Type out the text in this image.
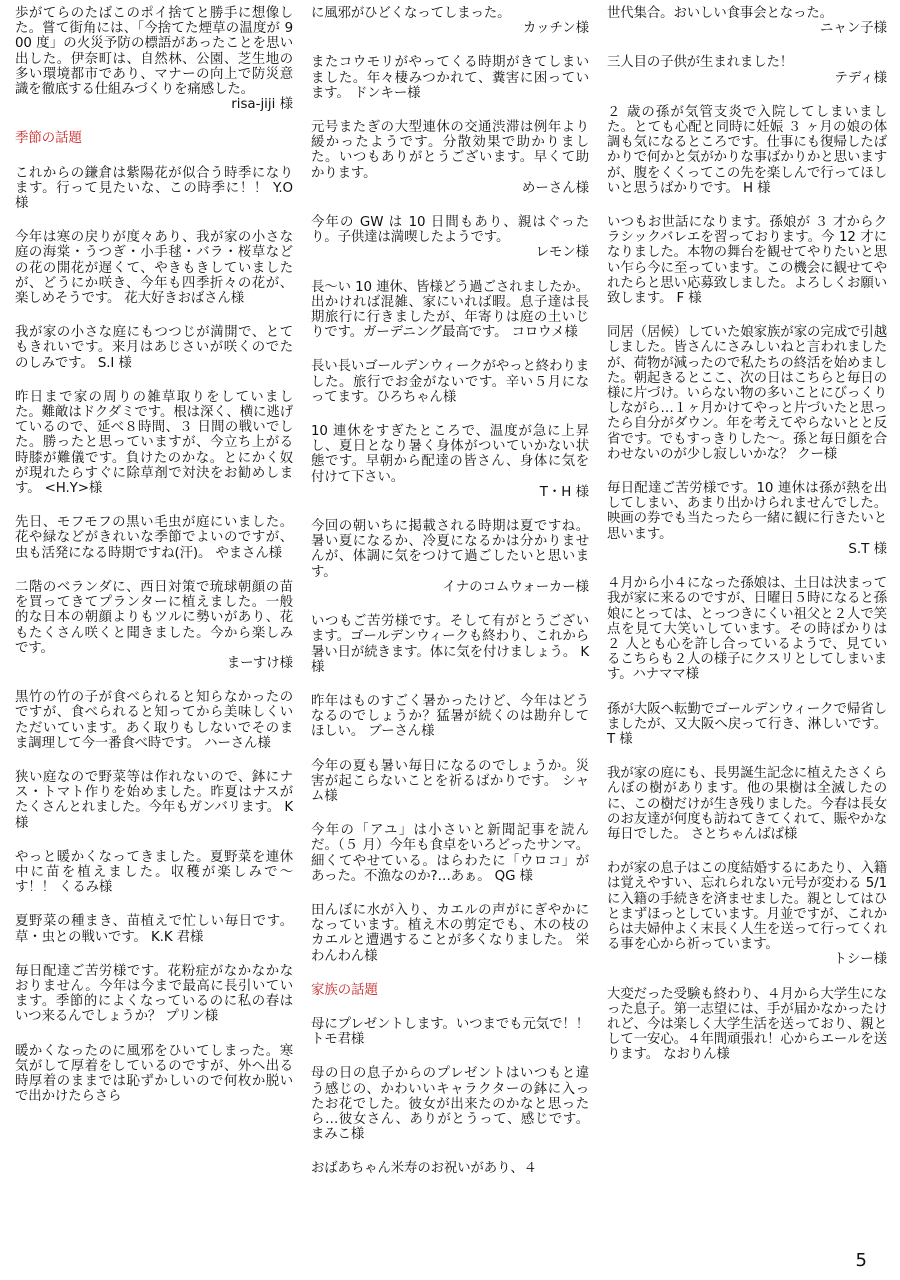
歩がてらのたばこのポイ捨てと勝手に想像した。嘗て街角には、「今捨てた煙草の温度が 900 度」の火災予防の標語があったことを思い出した。伊奈町は、自然林、公園、芝生地の多い環境都市であり、マナーの向上で防災意識を徹底する仕組みづくりを痛感した。

risa-jiji 様

季節の話題

これからの鎌倉は紫陽花が似合う時季になります。行って見たいな、この時季に！！ Y.O 様

今年は寒の戻りが度々あり、我が家の小さな庭の海棠・うつぎ・小手毬・バラ・桜草などの花の開花が遅くて、やきもきしていましたが、どうにか咲き、今年も四季折々の花が、楽しめそうです。 花大好きおばさん様

我が家の小さな庭にもつつじが満開で、とてもきれいです。来月はあじさいが咲くのでたのしみです。 S.I 様

昨日まで家の周りの雑草取りをしていました。難敵はドクダミです。根は深く、横に逃げているので、延べ８時間、３ 日間の戦いでした。勝ったと思っていますが、今立ち上がる時膝が難儀です。負けたのかな。とにかく奴が現れたらすぐに除草剤で対決をお勧めします。 <H.Y>様

先日、モフモフの黒い毛虫が庭にいました。花や緑などがきれいな季節でよいのですが、虫も活発になる時期ですね(汗)。 やまさん様

二階のベランダに、西日対策で琉球朝顔の苗を買ってきてプランターに植えました。一般的な日本の朝顔よりもツルに勢いがあり、花もたくさん咲くと聞きました。今から楽しみです。

まーすけ様

黒竹の竹の子が食べられると知らなかったのですが、食べられると知ってから美味しくいただいています。あく取りもしないでそのまま調理して今一番食べ時です。 ハーさん様

狭い庭なので野菜等は作れないので、鉢にナス・トマト作りを始めました。昨夏はナスがたくさんとれました。今年もガンバリます。 K 様

やっと暖かくなってきました。夏野菜を連休中に苗を植えました。収穫が楽しみで～す！！ くるみ様

夏野菜の種まき、苗植えで忙しい毎日です。草・虫との戦いです。 K.K 君様

毎日配達ご苦労様です。花粉症がなかなかなおりません。今年は今まで最高に長引いています。季節的によくなっているのに私の春はいつ来るんでしょうか？ プリン様

暖かくなったのに風邪をひいてしまった。寒気がして厚着をしているのですが、外へ出る時厚着のままでは恥ずかしいので何枚か脱いで出かけたらさら

に風邪がひどくなってしまった。

カッチン様

またコウモリがやってくる時期がきてしまいました。年々棲みつかれて、糞害に困っています。 ドンキー様

元号またぎの大型連休の交通渋滞は例年より緩かったようです。分散効果で助かりました。いつもありがとうございます。早くて助かります。

めーさん様

今年の GW は 10 日間もあり、親はぐったり。子供達は満喫したようです。

レモン様

長～い 10 連休、皆様どう過ごされましたか。出かければ混雑、家にいれば暇。息子達は長期旅行に行きましたが、年寄りは庭の土いじりです。ガーデニング最高です。 コロウメ様

長い長いゴールデンウィークがやっと終わりました。旅行でお金がないです。辛い５月になってます。ひろちゃん様

10 連休をすぎたところで、温度が急に上昇し、夏日となり暑く身体がついていかない状態です。早朝から配達の皆さん、身体に気を付けて下さい。

T・H 様

今回の朝いちに掲載される時期は夏ですね。暑い夏になるか、冷夏になるかは分かりませんが、体調に気をつけて過ごしたいと思います。

イナのコムウォーカー様

いつもご苦労様です。そして有がとうございます。ゴールデンウィークも終わり、これから暑い日が続きます。体に気を付けましょう。 K 様

昨年はものすごく暑かったけど、今年はどうなるのでしょうか？猛暑が続くのは勘弁してほしい。 ブーさん様

今年の夏も暑い毎日になるのでしょうか。災害が起こらないことを祈るばかりです。 シャム様

今年の「アユ」は小さいと新聞記事を読んだ。（５ 月）今年も食卓をいろどったサンマ。細くてやせている。はらわたに「ウロコ」があった。不漁なのか?…あぁ。 QG 様

田んぼに水が入り、カエルの声がにぎやかになっています。植え木の剪定でも、木の枝のカエルと遭遇することが多くなりました。 栄わんわん様

家族の話題

母にプレゼントします。いつまでも元気で！！ トモ君様

母の日の息子からのプレゼントはいつもと違う感じの、かわいいキャラクターの鉢に入ったお花でした。彼女が出来たのかなと思ったら…彼女さん、ありがとうって、感じです。 まみこ様

おばあちゃん米寿のお祝いがあり、４

世代集合。おいしい食事会となった。

ニャン子様

三人目の子供が生まれました！

テディ様

２ 歳の孫が気管支炎で入院してしまいました。とても心配と同時に妊娠 ３ ヶ月の娘の体調も気になるところです。仕事にも復帰したばかりで何かと気がかりな事ばかりかと思いますが、腹をくくってこの先を楽しんで行ってほしいと思うばかりです。 H 様

いつもお世話になります。孫娘が ３ 才からクラシックバレエを習っております。今 12 才になりました。本物の舞台を観せてやりたいと思い乍ら今に至っています。この機会に観せてやれたらと思い応募致しました。よろしくお願い致します。 F 様

同居（居候）していた娘家族が家の完成で引越しました。皆さんにさみしいねと言われましたが、荷物が減ったので私たちの終活を始めました。朝起きるとここ、次の日はこちらと毎日の様に片づけ。いらない物の多いことにびっくりしながら…１ヶ月かけてやっと片づいたと思ったら自分がダウン。年を考えてやらないとと反省です。でもすっきりした～。孫と毎日顔を合わせないのが少し寂しいかな？ クー様

毎日配達ご苦労様です。10 連休は孫が熱を出してしまい、あまり出かけられませんでした。映画の券でも当たったら一緒に観に行きたいと思います。

S.T 様

４月から小４になった孫娘は、土日は決まって我が家に来るのですが、日曜日５時になると孫娘にとっては、とっつきにくい祖父と２人で笑点を見て大笑いしています。その時ばかりは ２ 人とも心を許し合っているようで、見ているこちらも２人の様子にクスリとしてしまいます。ハナママ様

孫が大阪へ転勤でゴールデンウィークで帰省しましたが、又大阪へ戻って行き、淋しいです。 T 様

我が家の庭にも、長男誕生記念に植えたさくらんぼの樹があります。他の果樹は全滅したのに、この樹だけが生き残りました。今春は長女のお友達が何度も訪ねてきてくれて、賑やかな毎日でした。 さとちゃんばば様

わが家の息子はこの度結婚するにあたり、入籍は覚えやすい、忘れられない元号が変わる 5/1 に入籍の手続きを済ませました。親としてはひとまずほっとしています。月並ですが、これからは夫婦仲よく末長く人生を送って行ってくれる事を心から祈っています。

トシー様

大変だった受験も終わり、４月から大学生になった息子。第一志望には、手が届かなかったけれど、今は楽しく大学生活を送っており、親として一安心。４年間頑張れ！心からエールを送ります。 なおりん様

5
